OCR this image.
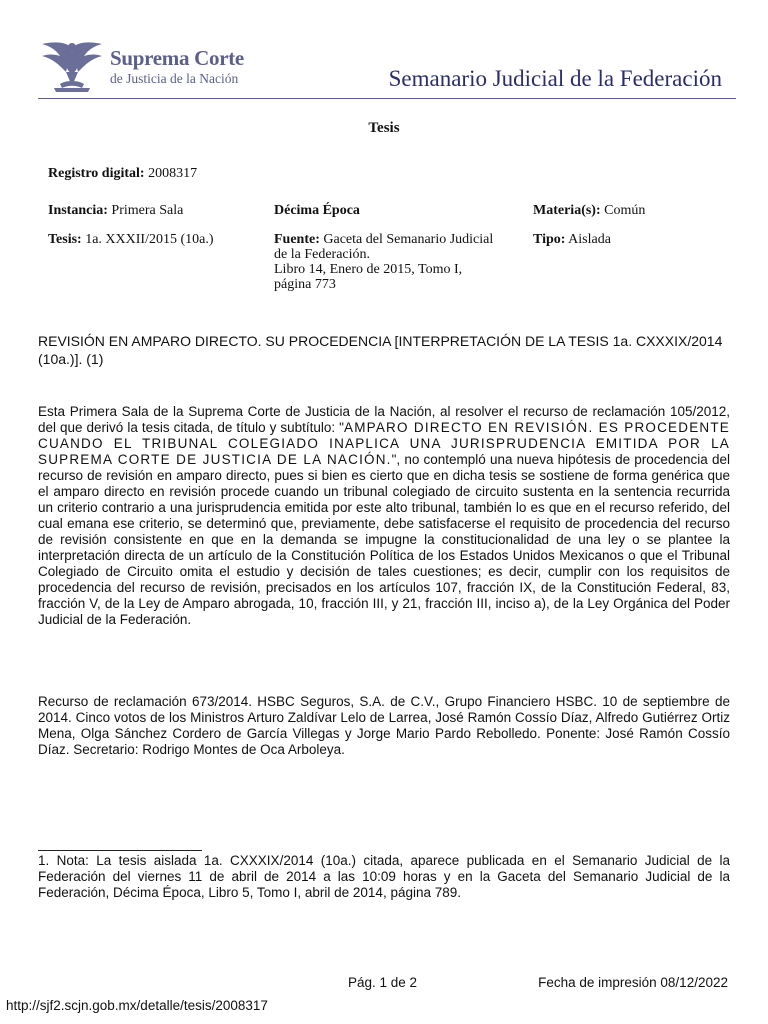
Suprema Corte
de Justicia de la Nación	Semanario Judicial de la Federación
Tesis
Registro digital: 2008317
Instancia: Primera Sala	Décima Época	Materia(s): Común
Tesis: 1a. XXXII/2015 (10a.)	Fuente: Gaceta del Semanario Judicial
de la Federación.
Libro 14, Enero de 2015, Tomo I,
página 773
Tipo: Aislada
REVISIÓN EN AMPARO DIRECTO. SU PROCEDENCIA [INTERPRETACIÓN DE LA TESIS 1a. CXXXIX/2014 (10a.)]. (1)
Esta Primera Sala de la Suprema Corte de Justicia de la Nación, al resolver el recurso de reclamación 105/2012, del que derivó la tesis citada, de título y subtítulo: "AMPARO DIRECTO EN REVISIÓN. ES PROCEDENTE CUANDO EL TRIBUNAL COLEGIADO INAPLICA UNA JURISPRUDENCIA EMITIDA POR LA SUPREMA CORTE DE JUSTICIA DE LA NACIÓN.", no contempló una nueva hipótesis de procedencia del recurso de revisión en amparo directo, pues si bien es cierto que en dicha tesis se sostiene de forma genérica que el amparo directo en revisión procede cuando un tribunal colegiado de circuito sustenta en la sentencia recurrida un criterio contrario a una jurisprudencia emitida por este alto tribunal, también lo es que en el recurso referido, del cual emana ese criterio, se determinó que, previamente, debe satisfacerse el requisito de procedencia del recurso de revisión consistente en que en la demanda se impugne la constitucionalidad de una ley o se plantee la interpretación directa de un artículo de la Constitución Política de los Estados Unidos Mexicanos o que el Tribunal Colegiado de Circuito omita el estudio y decisión de tales cuestiones; es decir, cumplir con los requisitos de procedencia del recurso de revisión, precisados en los artículos 107, fracción IX, de la Constitución Federal, 83, fracción V, de la Ley de Amparo abrogada, 10, fracción III, y 21, fracción III, inciso a), de la Ley Orgánica del Poder Judicial de la Federación.
Recurso de reclamación 673/2014. HSBC Seguros, S.A. de C.V., Grupo Financiero HSBC. 10 de septiembre de 2014. Cinco votos de los Ministros Arturo Zaldívar Lelo de Larrea, José Ramón Cossío Díaz, Alfredo Gutiérrez Ortiz Mena, Olga Sánchez Cordero de García Villegas y Jorge Mario Pardo Rebolledo. Ponente: José Ramón Cossío Díaz. Secretario: Rodrigo Montes de Oca Arboleya.
1. Nota: La tesis aislada 1a. CXXXIX/2014 (10a.) citada, aparece publicada en el Semanario Judicial de la Federación del viernes 11 de abril de 2014 a las 10:09 horas y en la Gaceta del Semanario Judicial de la Federación, Décima Época, Libro 5, Tomo I, abril de 2014, página 789.
Pág. 1 de 2	Fecha de impresión 08/12/2022
http://sjf2.scjn.gob.mx/detalle/tesis/2008317
